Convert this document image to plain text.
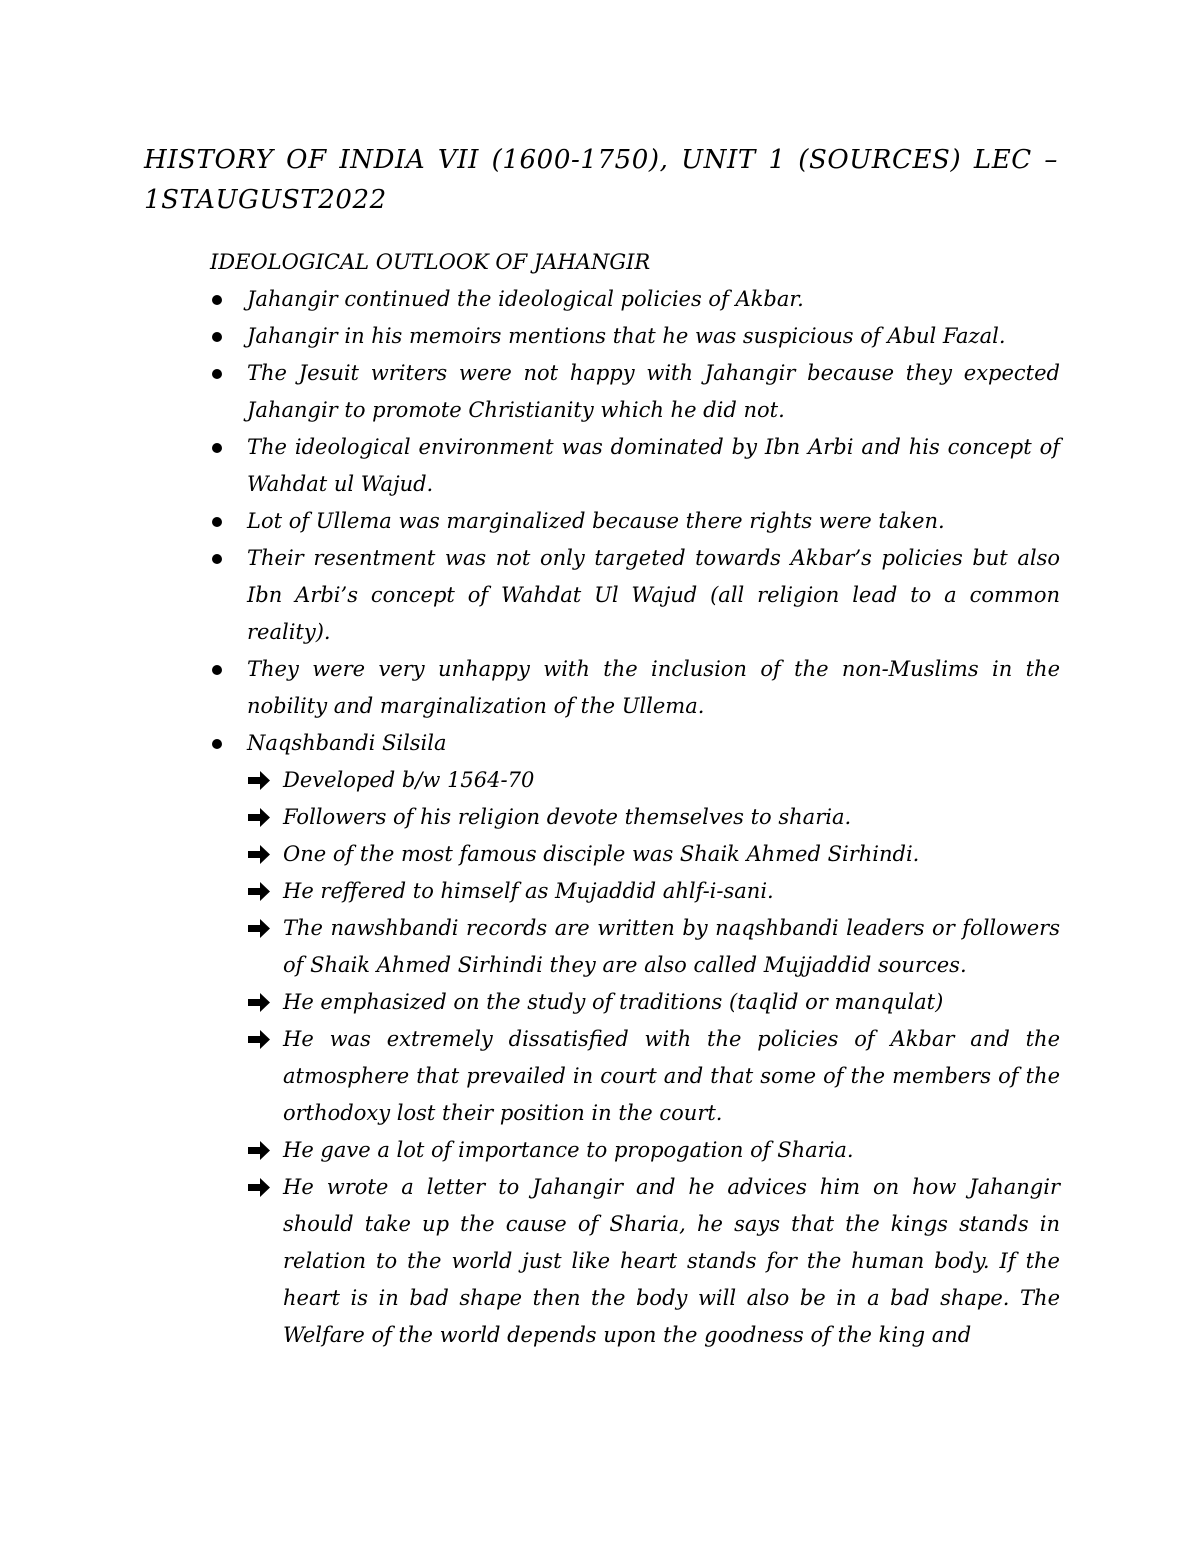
HISTORY OF INDIA VII (1600-1750), UNIT 1 (SOURCES) LEC – 1STAUGUST2022
IDEOLOGICAL OUTLOOK OF JAHANGIR
Jahangir continued the ideological policies of Akbar.
Jahangir in his memoirs mentions that he was suspicious of Abul Fazal.
The Jesuit writers were not happy with Jahangir because they expected Jahangir to promote Christianity which he did not.
The ideological environment was dominated by Ibn Arbi and his concept of Wahdat ul Wajud.
Lot of Ullema was marginalized because there rights were taken.
Their resentment was not only targeted towards Akbar’s policies but also Ibn Arbi’s concept of Wahdat Ul Wajud (all religion lead to a common reality).
They were very unhappy with the inclusion of the non-Muslims in the nobility and marginalization of the Ullema.
Naqshbandi Silsila
Developed b/w 1564-70
Followers of his religion devote themselves to sharia.
One of the most famous disciple was Shaik Ahmed Sirhindi.
He reffered to himself as Mujaddid ahlf-i-sani.
The nawshbandi records are written by naqshbandi leaders or followers of Shaik Ahmed Sirhindi they are also called Mujjaddid sources.
He emphasized on the study of traditions (taqlid or manqulat)
He was extremely dissatisfied with the policies of Akbar and the atmosphere that prevailed in court and that some of the members of the orthodoxy lost their position in the court.
He gave a lot of importance to propogation of Sharia.
He wrote a letter to Jahangir and he advices him on how Jahangir should take up the cause of Sharia, he says that the kings stands in relation to the world just like heart stands for the human body. If the heart is in bad shape then the body will also be in a bad shape. The Welfare of the world depends upon the goodness of the king and
